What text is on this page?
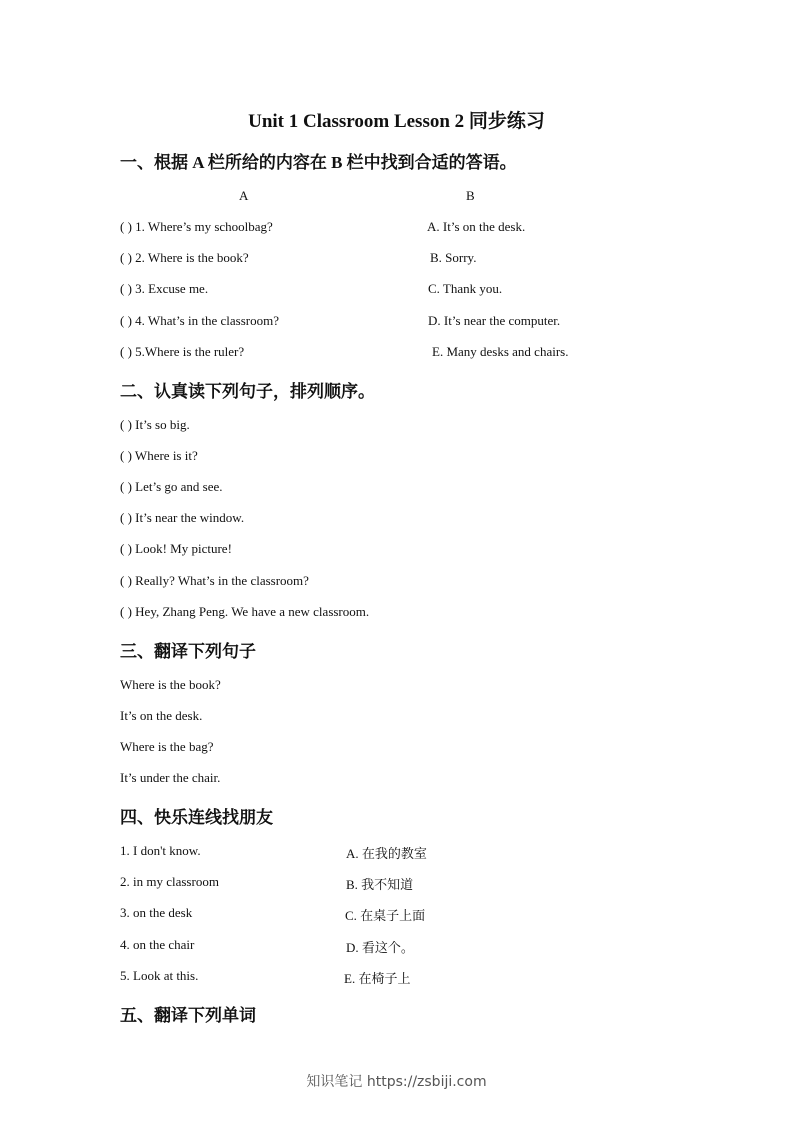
Unit 1 Classroom Lesson 2 同步练习
一、根据 A 栏所给的内容在 B 栏中找到合适的答语。
A	B
( ) 1. Where’s my schoolbag?	A. It’s on the desk.
( ) 2. Where is the book?	B. Sorry.
( ) 3. Excuse me.	C. Thank you.
( ) 4. What’s in the classroom?	D. It’s near the computer.
( ) 5.Where is the ruler?	E. Many desks and chairs.
二、认真读下列句子，排列顺序。
( ) It’s so big.
( ) Where is it?
( ) Let’s go and see.
( ) It’s near the window.
( ) Look! My picture!
( ) Really? What’s in the classroom?
( ) Hey, Zhang Peng. We have a new classroom.
三、翻译下列句子
Where is the book?
It’s on the desk.
Where is the bag?
It’s under the chair.
四、快乐连线找朋友
1. I don't know.	A. 在我的教室
2. in my classroom	B. 我不知道
3. on the desk	C. 在桌子上面
4. on the chair	D. 看这个。
5. Look at this.	E. 在椅子上
五、翻译下列单词
知识笔记 https://zsbiji.com
